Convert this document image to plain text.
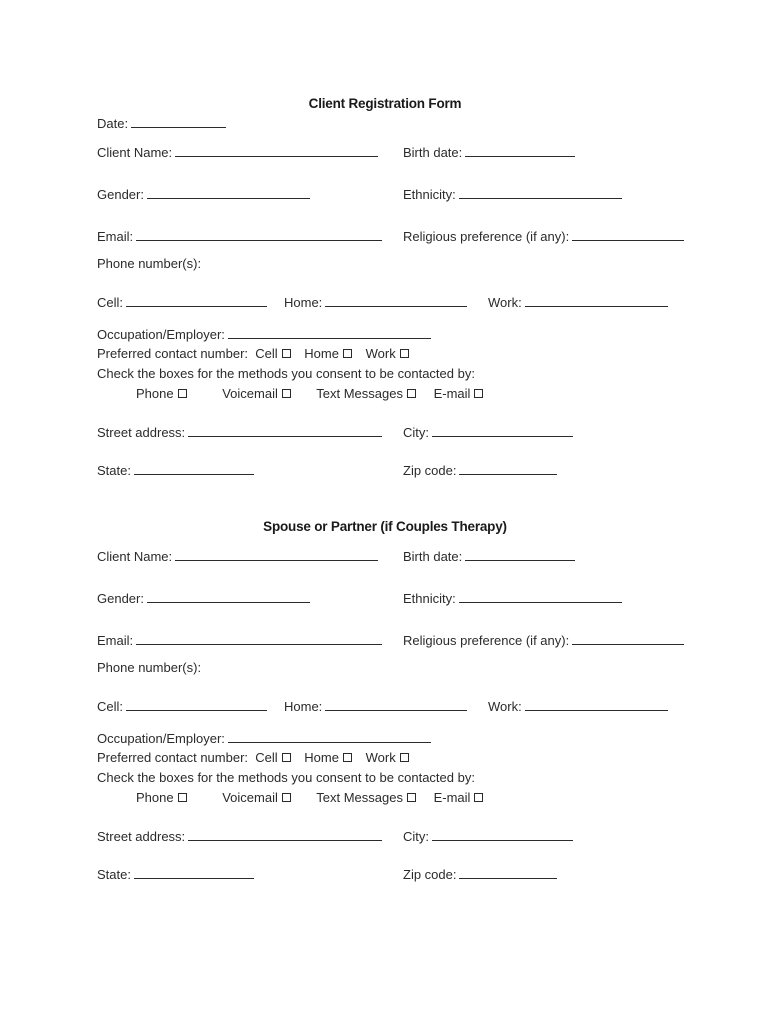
Client Registration Form
Date:
Client Name:	Birth date:
Gender:	Ethnicity:
Email:	Religious preference (if any):
Phone number(s):
Cell:	Home:	Work:
Occupation/Employer:
Preferred contact number: Cell Home Work
Check the boxes for the methods you consent to be contacted by:
Phone	Voicemail	Text Messages E-mail
Street address:	City:
State:	Zip code:
Spouse or Partner (if Couples Therapy)
Client Name:	Birth date:
Gender:	Ethnicity:
Email:	Religious preference (if any):
Phone number(s):
Cell:	Home:	Work:
Occupation/Employer:
Preferred contact number: Cell Home Work
Check the boxes for the methods you consent to be contacted by:
Phone	Voicemail	Text Messages E-mail
Street address:	City:
State:	Zip code:
